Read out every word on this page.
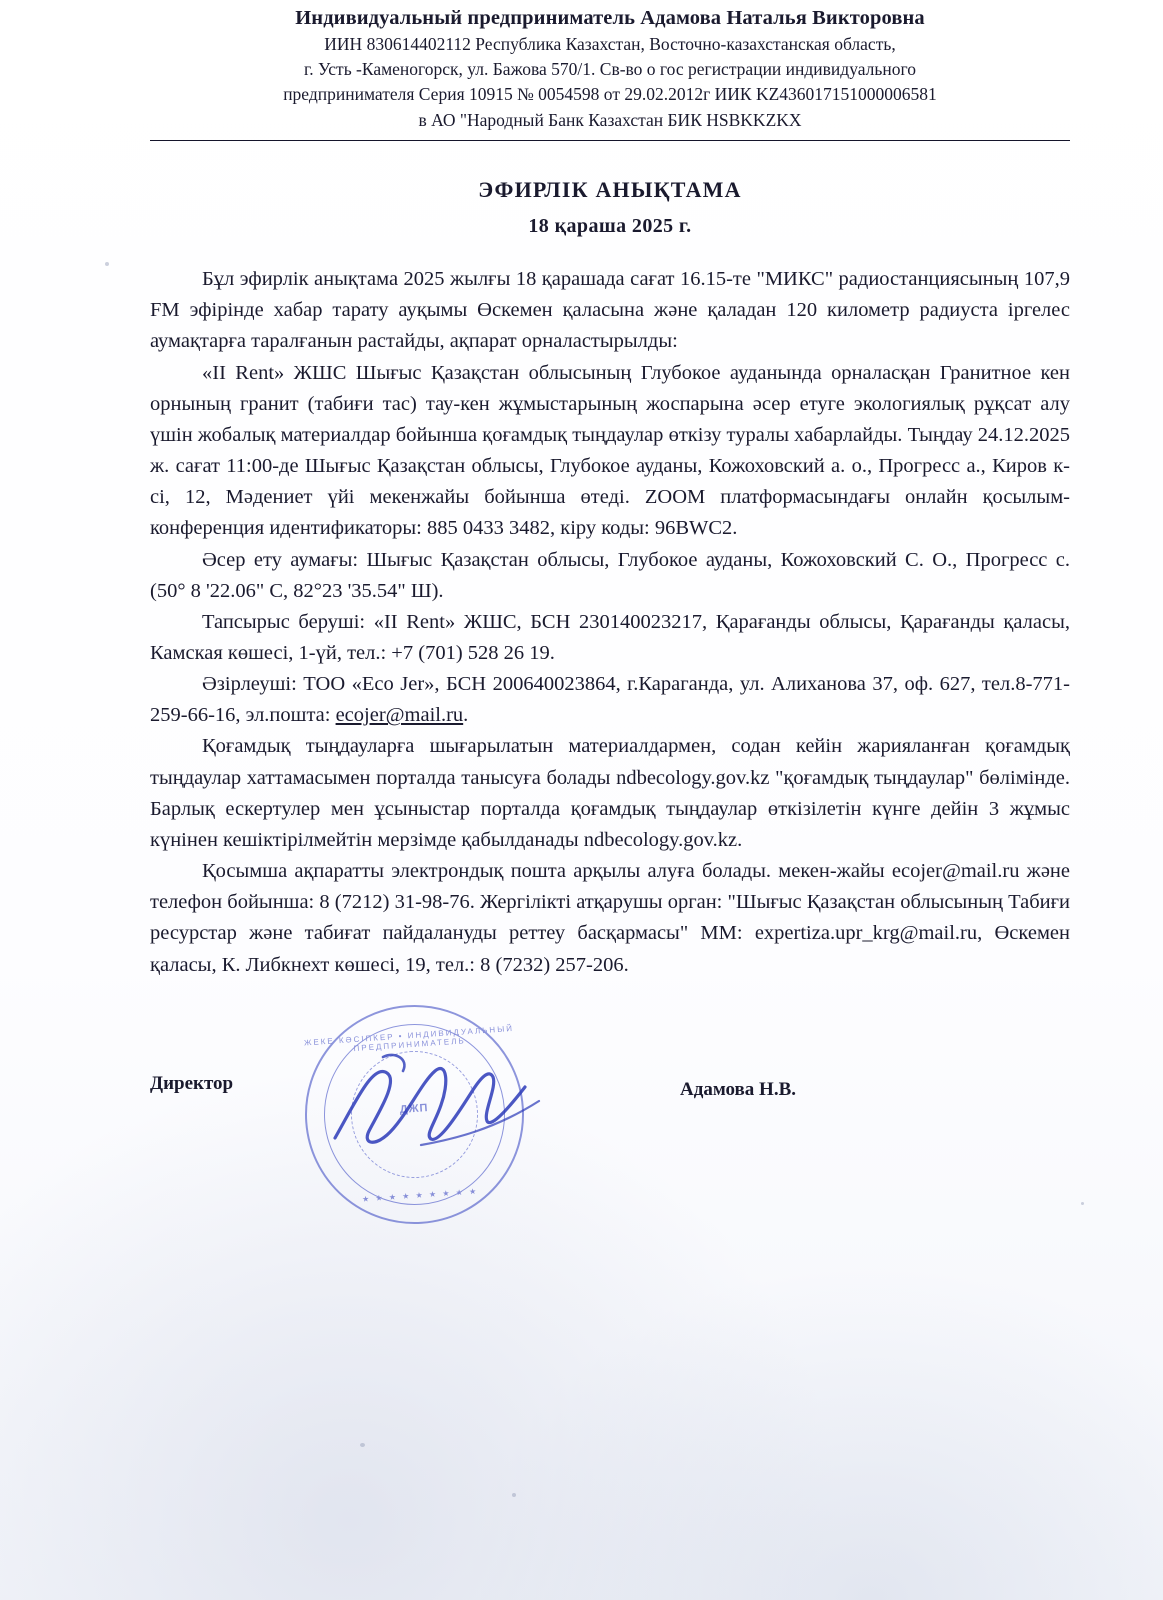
Индивидуальный предприниматель Адамова Наталья Викторовна
ИИН 830614402112 Республика Казахстан, Восточно-казахстанская область,
г. Усть -Каменогорск, ул. Бажова 570/1. Св-во о гос регистрации индивидуального
предпринимателя Серия 10915 № 0054598 от 29.02.2012г ИИК KZ436017151000006581
в АО "Народный Банк Казахстан БИК HSBKKZKX
ЭФИРЛІК АНЫҚТАМА
18 қараша 2025 г.

Бұл эфирлік анықтама 2025 жылғы 18 қарашада сағат 16.15-те "МИКС" радиостанциясының 107,9 FM эфірінде хабар тарату ауқымы Өскемен қаласына және қаладан 120 километр радиуста іргелес аумақтарға таралғанын растайды, ақпарат орналастырылды:

«II Rent» ЖШС Шығыс Қазақстан облысының Глубокое ауданында орналасқан Гранитное кен орнының гранит (табиғи тас) тау-кен жұмыстарының жоспарына әсер етуге экологиялық рұқсат алу үшін жобалық материалдар бойынша қоғамдық тыңдаулар өткізу туралы хабарлайды. Тыңдау 24.12.2025 ж. сағат 11:00-де Шығыс Қазақстан облысы, Глубокое ауданы, Кожоховский а. о., Прогресс а., Киров к-сі, 12, Мәдениет үйі мекенжайы бойынша өтеді. ZOOM платформасындағы онлайн қосылым-конференция идентификаторы: 885 0433 3482, кіру коды: 96BWC2.

Әсер ету аумағы: Шығыс Қазақстан облысы, Глубокое ауданы, Кожоховский С. О., Прогресс с. (50° 8 '22.06" С, 82°23 '35.54" Ш).

Тапсырыс беруші: «II Rent» ЖШС, БСН 230140023217, Қарағанды облысы, Қарағанды қаласы, Камская көшесі, 1-үй, тел.: +7 (701) 528 26 19.

Әзірлеуші: ТОО «Eco Jer», БСН 200640023864, г.Караганда, ул. Алиханова 37, оф. 627, тел.8-771-259-66-16, эл.пошта: ecojer@mail.ru.

Қоғамдық тыңдауларға шығарылатын материалдармен, содан кейін жарияланған қоғамдық тыңдаулар хаттамасымен порталда танысуға болады ndbecology.gov.kz "қоғамдық тыңдаулар" бөлімінде. Барлық ескертулер мен ұсыныстар порталда қоғамдық тыңдаулар өткізілетін күнге дейін 3 жұмыс күнінен кешіктірілмейтін мерзімде қабылданады ndbecology.gov.kz.

Қосымша ақпаратты электрондық пошта арқылы алуға болады. мекен-жайы ecojer@mail.ru және телефон бойынша: 8 (7212) 31-98-76. Жергілікті атқарушы орган: "Шығыс Қазақстан облысының Табиғи ресурстар және табиғат пайдалануды реттеу басқармасы" ММ: expertiza.upr_krg@mail.ru, Өскемен қаласы, К. Либкнехт көшесі, 19, тел.: 8 (7232) 257-206.

Директор
ЖЕКЕ КӘСІПКЕР • ИНДИВИДУАЛЬНЫЙ ПРЕДПРИНИМАТЕЛЬ
ДЖП
★ ★ ★ ★ ★ ★ ★ ★ ★
Адамова Н.В.
